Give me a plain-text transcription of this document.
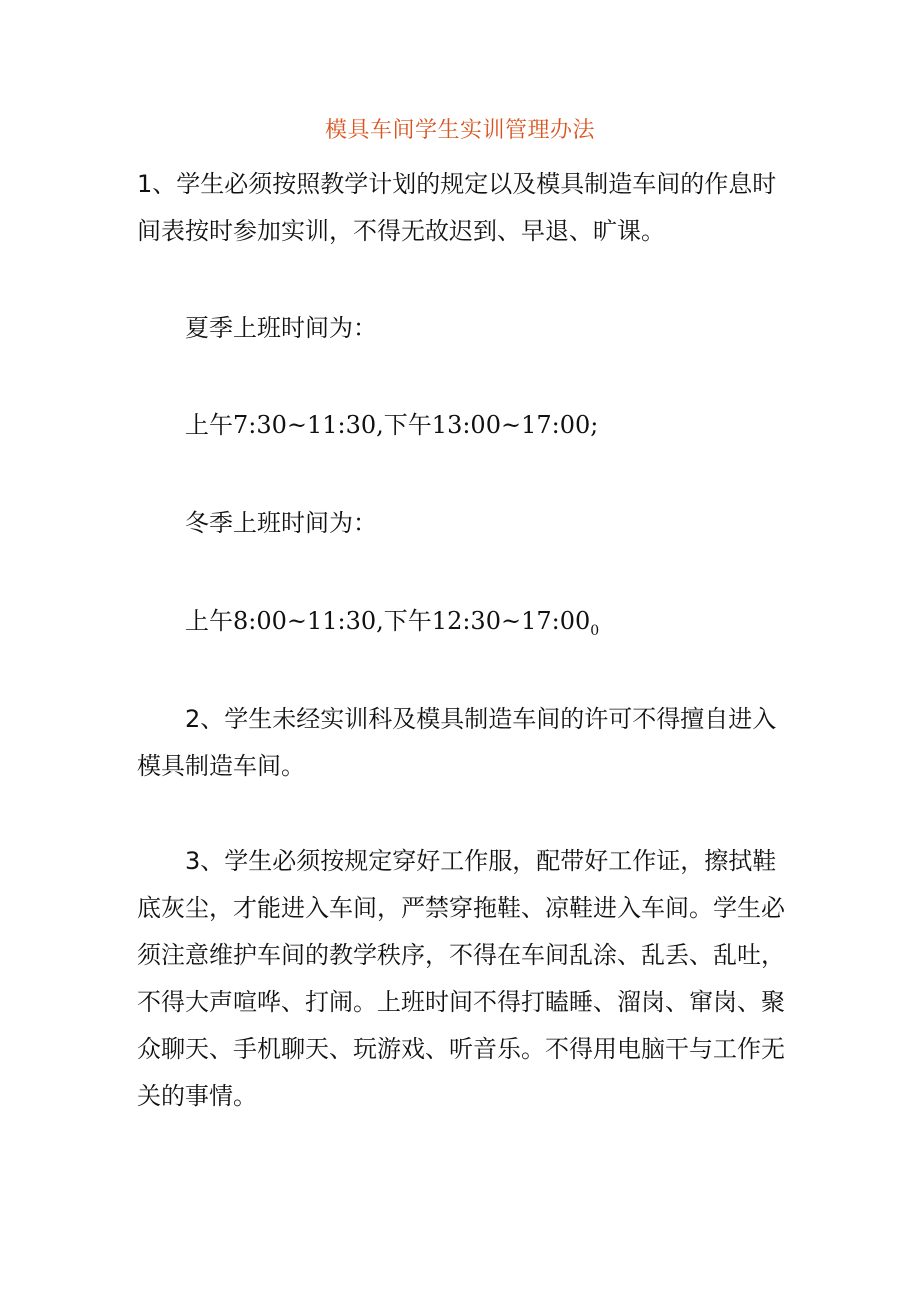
模具车间学生实训管理办法

1、学生必须按照教学计划的规定以及模具制造车间的作息时间表按时参加实训，不得无故迟到、早退、旷课。

夏季上班时间为：
上午7:30~11:30,下午13:00~17:00;
冬季上班时间为：
上午8:00~11:30,下午$12:30\sim 17:00_0$

2、学生未经实训科及模具制造车间的许可不得擅自进入模具制造车间。

3、学生必须按规定穿好工作服，配带好工作证，擦拭鞋底灰尘，才能进入车间，严禁穿拖鞋、凉鞋进入车间。学生必须注意维护车间的教学秩序，不得在车间乱涂、乱丢、乱吐，不得大声喧哗、打闹。上班时间不得打瞌睡、溜岗、窜岗、聚众聊天、手机聊天、玩游戏、听音乐。不得用电脑干与工作无关的事情。
